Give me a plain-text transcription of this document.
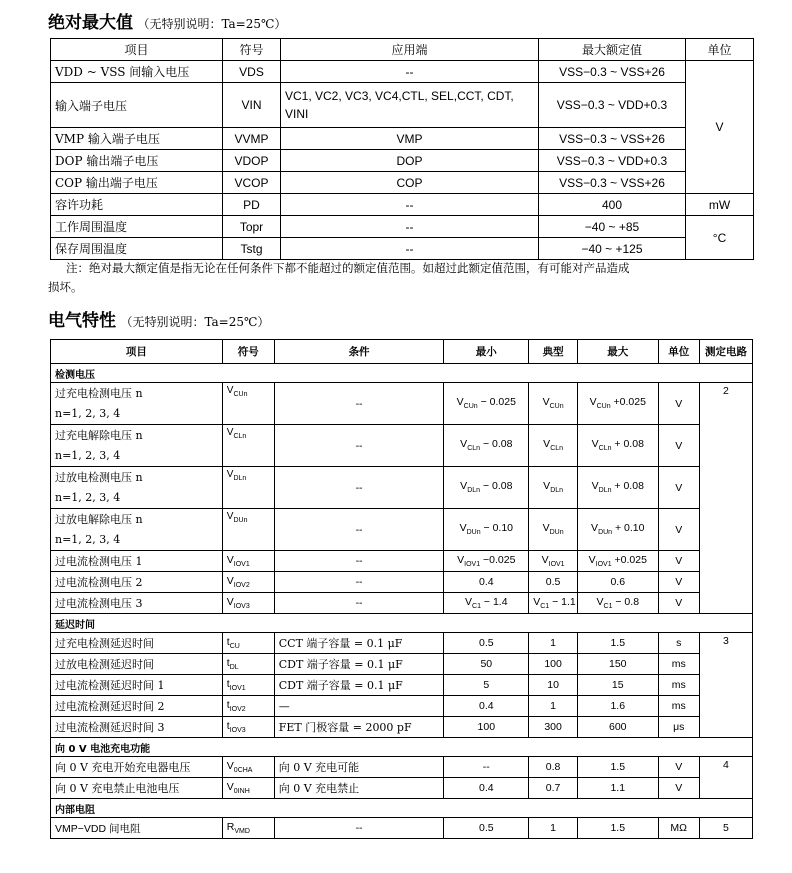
绝对最大值 （无特别说明：Ta=25℃）
项目	符号	应用端	最大额定值	单位
VDD ~ VSS 间输入电压	VDS	--	VSS−0.3 ~ VSS+26	V
输入端子电压	VIN	VC1, VC2, VC3, VC4,CTL, SEL,CCT, CDT, VINI	VSS−0.3 ~ VDD+0.3	
VMP 输入端子电压	VVMP	VMP	VSS−0.3 ~ VSS+26	
DOP 输出端子电压	VDOP	DOP	VSS−0.3 ~ VDD+0.3	
COP 输出端子电压	VCOP	COP	VSS−0.3 ~ VSS+26	
容许功耗	PD	--	400	mW
工作周围温度	Topr	--	−40 ~ +85	°C
保存周围温度	Tstg	--	−40 ~ +125	
注：绝对最大额定值是指无论在任何条件下都不能超过的额定值范围。如超过此额定值范围，有可能对产品造成
损坏。
电气特性 （无特别说明：Ta=25℃）
项目	符号	条件	最小	典型	最大	单位	测定电路
检测电压							

过充电检测电压 n
n=1, 2, 3, 4	$V_{CUn}$	--	$V_{CUn} - 0.025$	$V_{CUn}$	$V_{CUn} +0.025$	V	2

过充电解除电压 n
n=1, 2, 3, 4	$V_{CLn}$	--	$V_{CLn} - 0.08$	$V_{CLn}$	$V_{CLn} + 0.08$	V	

过放电检测电压 n
n=1, 2, 3, 4	$V_{DLn}$	--	$V_{DLn} - 0.08$	$V_{DLn}$	$V_{DLn} + 0.08$	V	

过放电解除电压 n
n=1, 2, 3, 4	$V_{DUn}$	--	$V_{DUn} - 0.10$	$V_{DUn}$	$V_{DUn} + 0.10$	V	
过电流检测电压 1	$V_{IOV1}$	--	$V_{IOV1} -0.025$	$V_{IOV1}$	$V_{IOV1} +0.025$	V	
过电流检测电压 2	$V_{IOV2}$	--	0.4	0.5	0.6	V	
过电流检测电压 3	$V_{IOV3}$	--	$V_{C1} - 1.4$	$V_{C1} - 1.1$	$V_{C1} - 0.8$	V	
延迟时间							
过充电检测延迟时间	$t_{CU}$	CCT 端子容量 = 0.1 μF	0.5	1	1.5	s	3
过放电检测延迟时间	$t_{DL}$	CDT 端子容量 = 0.1 μF	50	100	150	ms	
过电流检测延迟时间 1	$t_{IOV1}$	CDT 端子容量 = 0.1 μF	5	10	15	ms	
过电流检测延迟时间 2	$t_{IOV2}$	—	0.4	1	1.6	ms	
过电流检测延迟时间 3	$t_{IOV3}$	FET 门极容量 = 2000 pF	100	300	600	μs	
向 0 V 电池充电功能							
向 0 V 充电开始充电器电压	$V_{0CHA}$	向 0 V 充电可能	--	0.8	1.5	V	4
向 0 V 充电禁止电池电压	$V_{0INH}$	向 0 V 充电禁止	0.4	0.7	1.1	V	
内部电阻							
VMP−VDD 间电阻	$R_{VMD}$	--	0.5	1	1.5	MΩ	5
